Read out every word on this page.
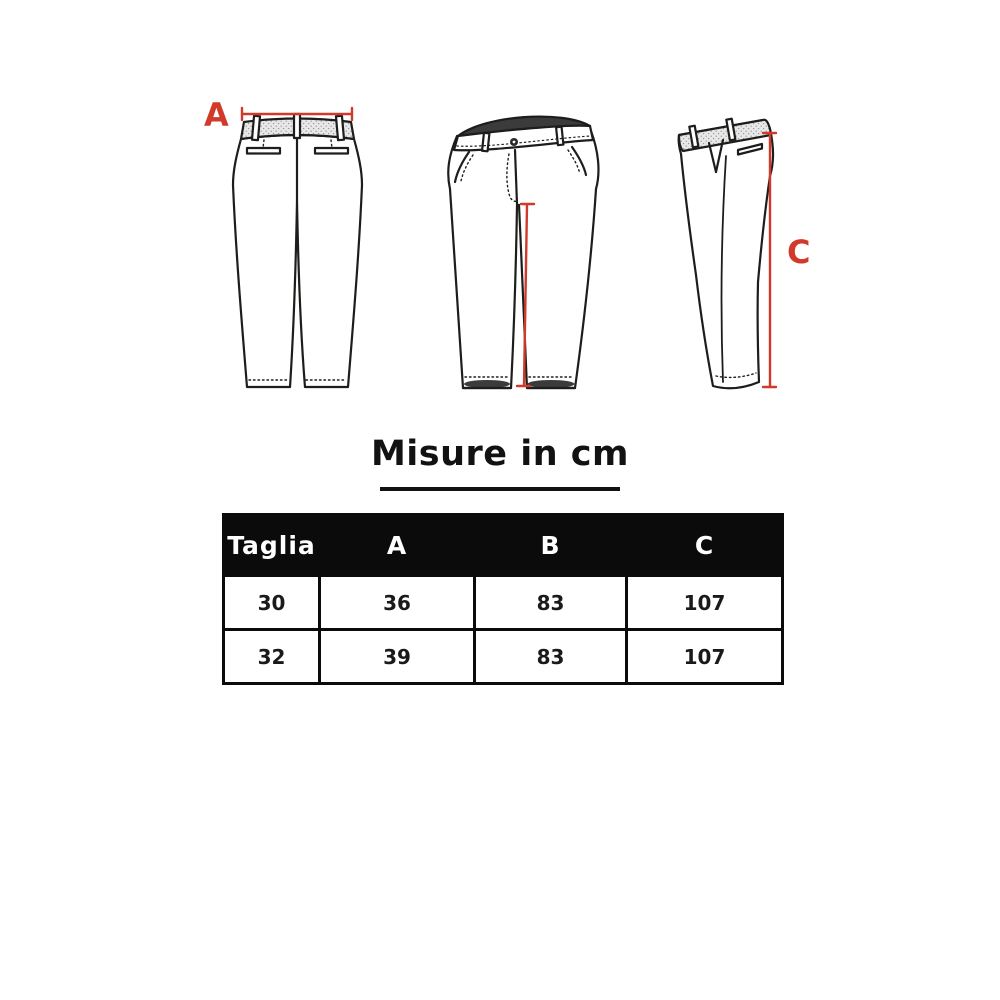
A
C
Misure in cm
Taglia	A	B	C
30	36	83	107
32	39	83	107
